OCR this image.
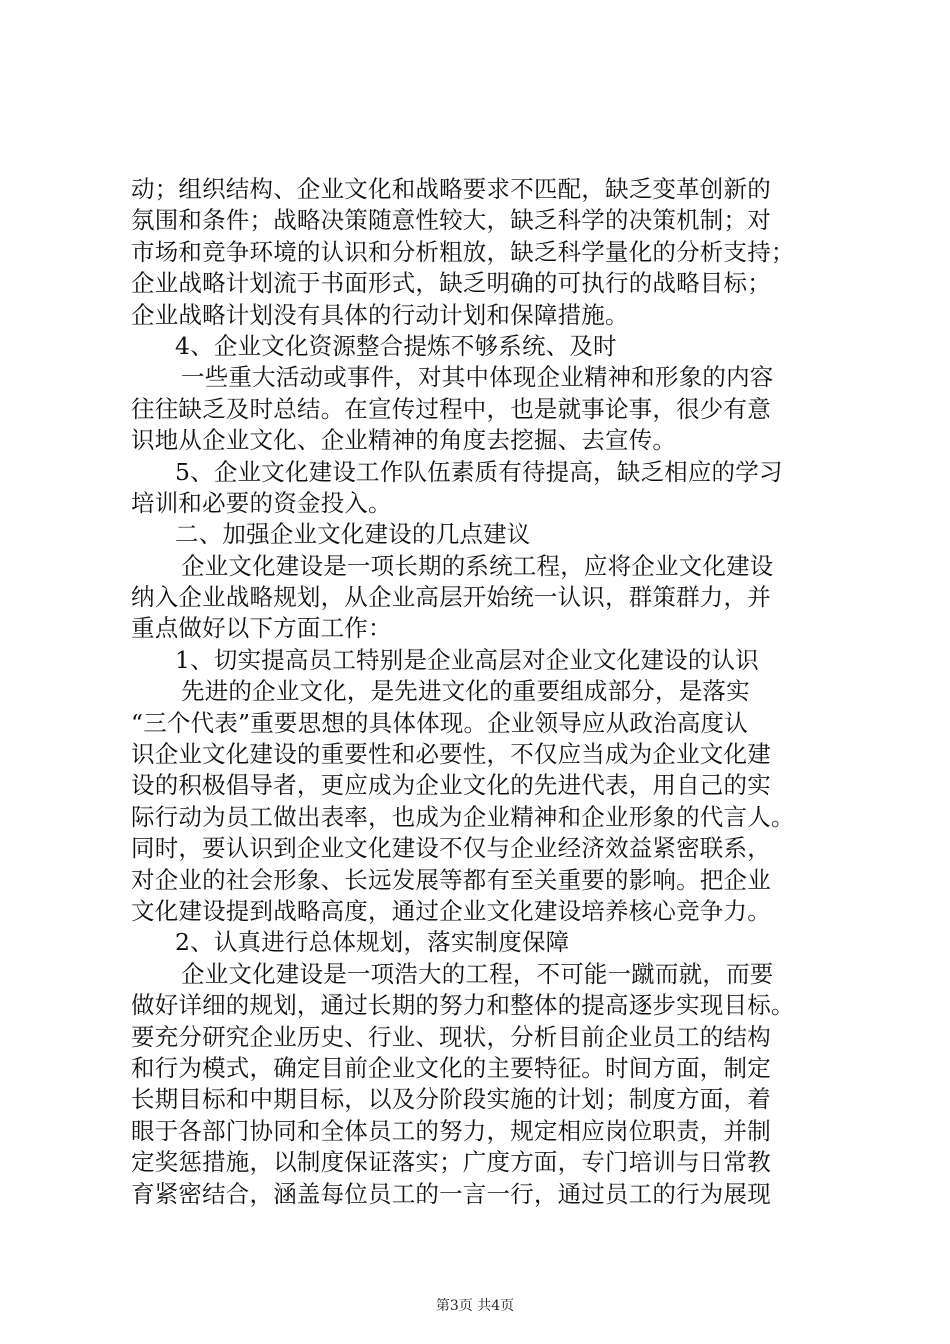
动；组织结构、企业文化和战略要求不匹配，缺乏变革创新的
氛围和条件；战略决策随意性较大，缺乏科学的决策机制；对
市场和竞争环境的认识和分析粗放，缺乏科学量化的分析支持；
企业战略计划流于书面形式，缺乏明确的可执行的战略目标；
企业战略计划没有具体的行动计划和保障措施。
4、企业文化资源整合提炼不够系统、及时
一些重大活动或事件，对其中体现企业精神和形象的内容
往往缺乏及时总结。在宣传过程中，也是就事论事，很少有意
识地从企业文化、企业精神的角度去挖掘、去宣传。
5、企业文化建设工作队伍素质有待提高，缺乏相应的学习
培训和必要的资金投入。
二、加强企业文化建设的几点建议
企业文化建设是一项长期的系统工程，应将企业文化建设
纳入企业战略规划，从企业高层开始统一认识，群策群力，并
重点做好以下方面工作：
1、切实提高员工特别是企业高层对企业文化建设的认识
先进的企业文化，是先进文化的重要组成部分，是落实
“三个代表”重要思想的具体体现。企业领导应从政治高度认
识企业文化建设的重要性和必要性，不仅应当成为企业文化建
设的积极倡导者，更应成为企业文化的先进代表，用自己的实
际行动为员工做出表率，也成为企业精神和企业形象的代言人。
同时，要认识到企业文化建设不仅与企业经济效益紧密联系，
对企业的社会形象、长远发展等都有至关重要的影响。把企业
文化建设提到战略高度，通过企业文化建设培养核心竞争力。
2、认真进行总体规划，落实制度保障
企业文化建设是一项浩大的工程，不可能一蹴而就，而要
做好详细的规划，通过长期的努力和整体的提高逐步实现目标。
要充分研究企业历史、行业、现状，分析目前企业员工的结构
和行为模式，确定目前企业文化的主要特征。时间方面，制定
长期目标和中期目标，以及分阶段实施的计划；制度方面，着
眼于各部门协同和全体员工的努力，规定相应岗位职责，并制
定奖惩措施，以制度保证落实；广度方面，专门培训与日常教
育紧密结合，涵盖每位员工的一言一行，通过员工的行为展现
第3页 共4页
